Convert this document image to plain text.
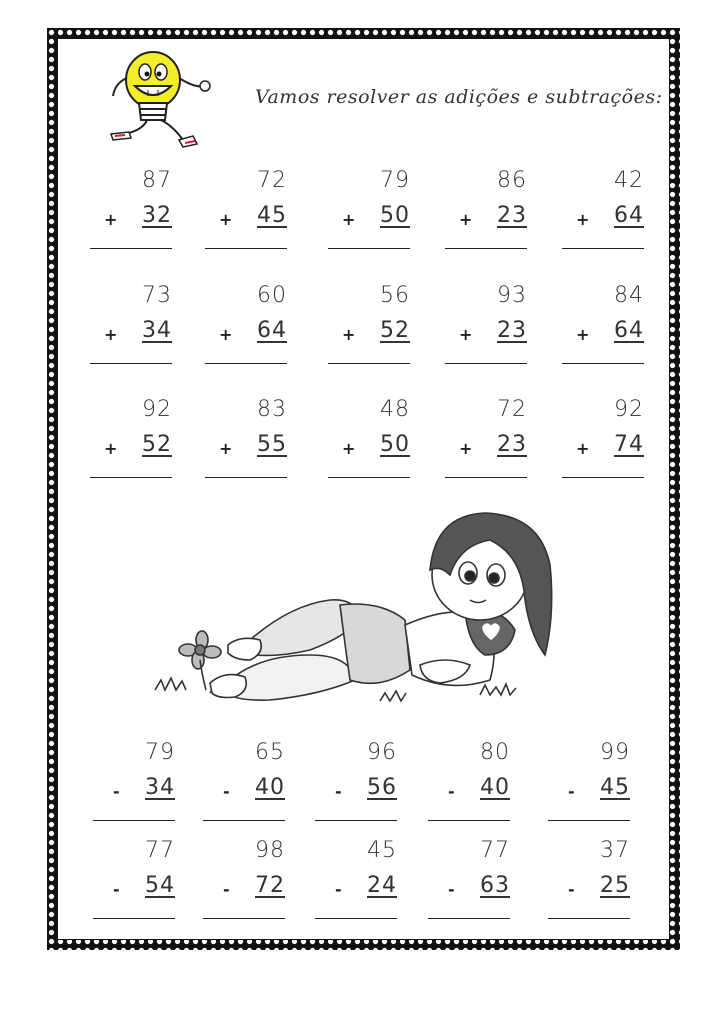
Vamos resolver as adições e subtrações:
87
+ 32
72
+ 45
79
+ 50
86
+ 23
42
+ 64
73
+ 34
60
+ 64
56
+ 52
93
+ 23
84
+ 64
92
+ 52
83
+ 55
48
+ 50
72
+ 23
92
+ 74
79
- 34
65
- 40
96
- 56
80
- 40
99
- 45
77
- 54
98
- 72
45
- 24
77
- 63
37
- 25
